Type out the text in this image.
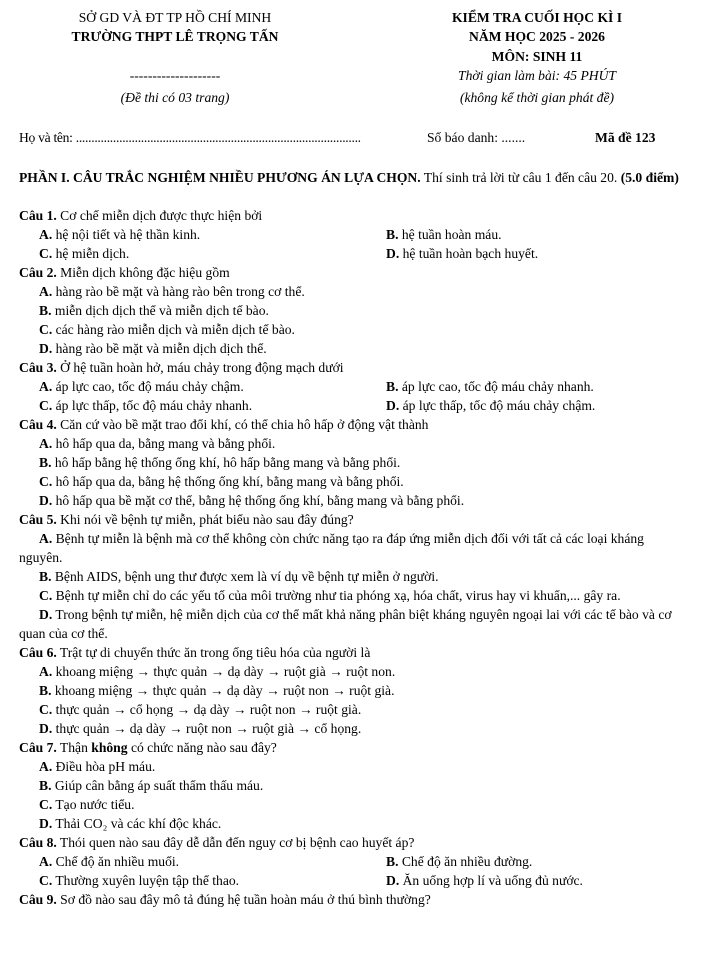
SỞ GD VÀ ĐT TP HỒ CHÍ MINH
TRƯỜNG THPT LÊ TRỌNG TẤN
--------------------
(Đề thi có 03 trang)
KIỂM TRA CUỐI HỌC KÌ I
NĂM HỌC 2025 - 2026
MÔN: SINH 11
Thời gian làm bài: 45 PHÚT
(không kể thời gian phát đề)
Họ và tên: ............................................................................................	Số báo danh: .......	Mã đề 123
PHẦN I. CÂU TRẮC NGHIỆM NHIỀU PHƯƠNG ÁN LỰA CHỌN. Thí sinh trả lời từ câu 1 đến câu 20. (5.0 điểm)
Câu 1. Cơ chế miễn dịch được thực hiện bởi
A. hệ nội tiết và hệ thần kinh.	B. hệ tuần hoàn máu.
C. hệ miễn dịch.	D. hệ tuần hoàn bạch huyết.
Câu 2. Miễn dịch không đặc hiệu gồm
A. hàng rào bề mặt và hàng rào bên trong cơ thể.
B. miễn dịch dịch thể và miễn dịch tế bào.
C. các hàng rào miễn dịch và miễn dịch tế bào.
D. hàng rào bề mặt và miễn dịch dịch thể.
Câu 3. Ở hệ tuần hoàn hở, máu chảy trong động mạch dưới
A. áp lực cao, tốc độ máu chảy chậm.	B. áp lực cao, tốc độ máu chảy nhanh.
C. áp lực thấp, tốc độ máu chảy nhanh.	D. áp lực thấp, tốc độ máu chảy chậm.
Câu 4. Căn cứ vào bề mặt trao đổi khí, có thể chia hô hấp ở động vật thành
A. hô hấp qua da, bằng mang và bằng phổi.
B. hô hấp bằng hệ thống ống khí, hô hấp bằng mang và bằng phổi.
C. hô hấp qua da, bằng hệ thống ống khí, bằng mang và bằng phổi.
D. hô hấp qua bề mặt cơ thể, bằng hệ thống ống khí, bằng mang và bằng phổi.
Câu 5. Khi nói về bệnh tự miễn, phát biểu nào sau đây đúng?
A. Bệnh tự miễn là bệnh mà cơ thể không còn chức năng tạo ra đáp ứng miễn dịch đối với tất cả các loại kháng nguyên.
B. Bệnh AIDS, bệnh ung thư được xem là ví dụ về bệnh tự miễn ở người.
C. Bệnh tự miễn chỉ do các yếu tố của môi trường như tia phóng xạ, hóa chất, virus hay vi khuẩn,... gây ra.
D. Trong bệnh tự miễn, hệ miễn dịch của cơ thể mất khả năng phân biệt kháng nguyên ngoại lai với các tế bào và cơ quan của cơ thể.
Câu 6. Trật tự di chuyển thức ăn trong ống tiêu hóa của người là
A. khoang miệng → thực quản → dạ dày → ruột già → ruột non.
B. khoang miệng → thực quản → dạ dày → ruột non → ruột già.
C. thực quản → cổ họng → dạ dày → ruột non → ruột già.
D. thực quản → dạ dày → ruột non → ruột già → cổ họng.
Câu 7. Thận không có chức năng nào sau đây?
A. Điều hòa pH máu.
B. Giúp cân bằng áp suất thẩm thấu máu.
C. Tạo nước tiểu.
D. Thải CO₂ và các khí độc khác.
Câu 8. Thói quen nào sau đây dễ dẫn đến nguy cơ bị bệnh cao huyết áp?
A. Chế độ ăn nhiều muối.	B. Chế độ ăn nhiều đường.
C. Thường xuyên luyện tập thể thao.	D. Ăn uống hợp lí và uống đủ nước.
Câu 9. Sơ đồ nào sau đây mô tả đúng hệ tuần hoàn máu ở thú bình thường?
